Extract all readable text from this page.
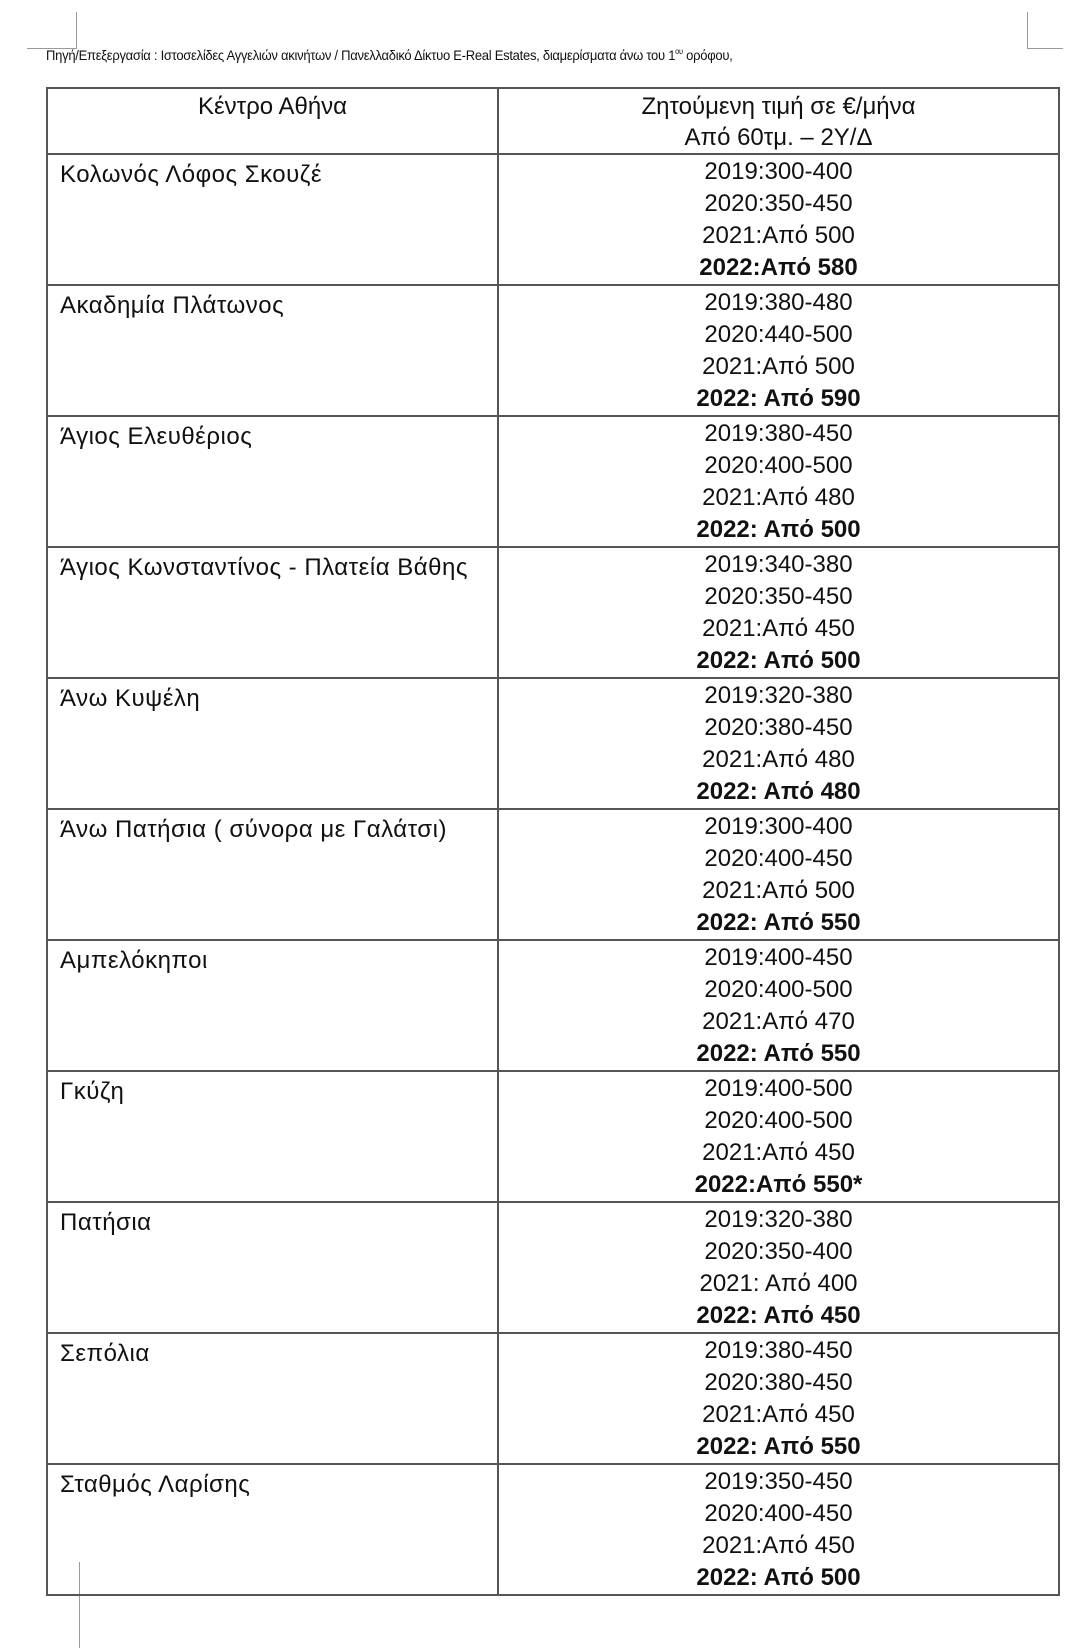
Πηγή/Επεξεργασία : Ιστοσελίδες Αγγελιών ακινήτων / Πανελλαδικό Δίκτυο E-Real Estates, διαμερίσματα άνω του $1^{o\upsilon}$ ορόφου,
Κέντρο Αθήνα	Ζητούμενη τιμή σε €/μήνα
Από 60τμ. – 2Υ/Δ

Κολωνός Λόφος Σκουζέ	2019:300-400
2020:350-450
2021:Από 500
2022:Από 580

Ακαδημία Πλάτωνος	2019:380-480
2020:440-500
2021:Από 500
2022: Από 590

Άγιος Ελευθέριος	2019:380-450
2020:400-500
2021:Από 480
2022: Από 500

Άγιος Κωνσταντίνος - Πλατεία Βάθης	2019:340-380
2020:350-450
2021:Από 450
2022: Από 500

Άνω Κυψέλη	2019:320-380
2020:380-450
2021:Από 480
2022: Από 480

Άνω Πατήσια ( σύνορα με Γαλάτσι)	2019:300-400
2020:400-450
2021:Από 500
2022: Από 550

Αμπελόκηποι	2019:400-450
2020:400-500
2021:Από 470
2022: Από 550

Γκύζη	2019:400-500
2020:400-500
2021:Από 450
2022:Από 550*

Πατήσια	2019:320-380
2020:350-400
2021: Από 400
2022: Από 450

Σεπόλια	2019:380-450
2020:380-450
2021:Από 450
2022: Από 550

Σταθμός Λαρίσης	2019:350-450
2020:400-450
2021:Από 450
2022: Από 500
